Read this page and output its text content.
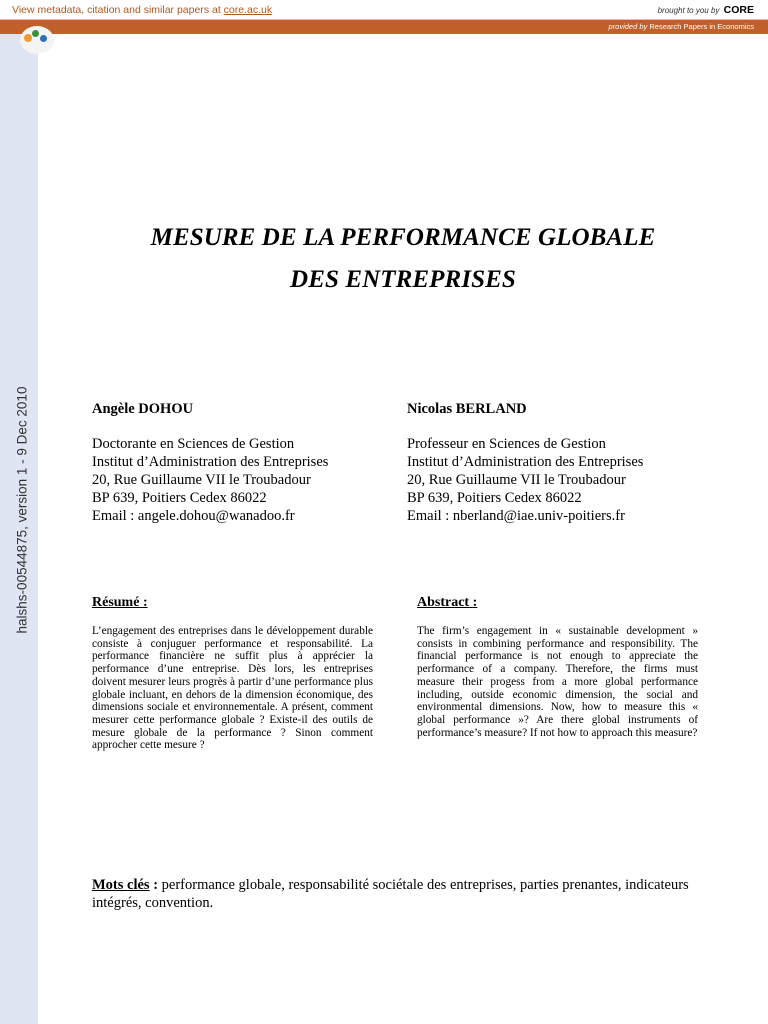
View metadata, citation and similar papers at core.ac.uk	brought to you by CORE
provided by Research Papers in Economics
halshs-00544875, version 1 - 9 Dec 2010
MESURE DE LA PERFORMANCE GLOBALE
DES ENTREPRISES
Angèle DOHOU
Doctorante en Sciences de Gestion
Institut d’Administration des Entreprises
20, Rue Guillaume VII le Troubadour
BP 639, Poitiers Cedex 86022
Email : angele.dohou@wanadoo.fr
Nicolas BERLAND
Professeur en Sciences de Gestion
Institut d’Administration des Entreprises
20, Rue Guillaume VII le Troubadour
BP 639, Poitiers Cedex 86022
Email : nberland@iae.univ-poitiers.fr
Résumé :	Abstract :
L’engagement des entreprises dans le développement durable consiste à conjuguer performance et responsabilité. La performance financière ne suffit plus à apprécier la performance d’une entreprise. Dès lors, les entreprises doivent mesurer leurs progrès à partir d’une performance plus globale incluant, en dehors de la dimension économique, des dimensions sociale et environnementale. A présent, comment mesurer cette performance globale ? Existe-il des outils de mesure globale de la performance ? Sinon comment approcher cette mesure ?
The firm’s engagement in « sustainable development » consists in combining performance and responsibility. The financial performance is not enough to appreciate the performance of a company. Therefore, the firms must measure their progess from a more global performance including, outside economic dimension, the social and environmental dimensions. Now, how to measure this « global performance »? Are there global instruments of performance’s measure? If not how to approach this measure?
Mots clés : performance globale, responsabilité sociétale des entreprises, parties prenantes, indicateurs intégrés, convention.
